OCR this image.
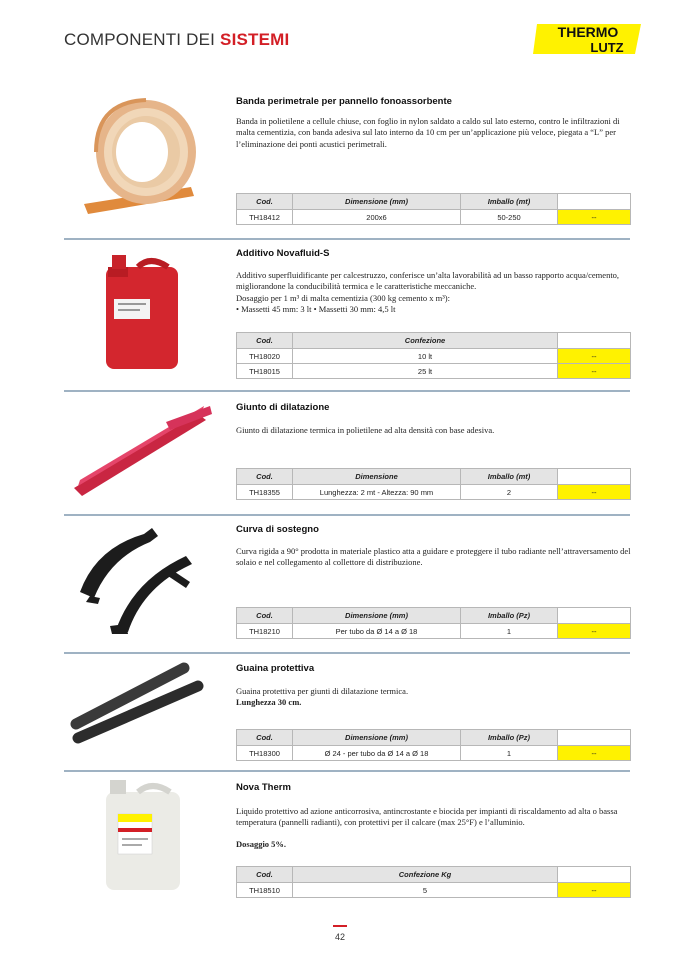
COMPONENTI DEI SISTEMI	THERMO
LUTZ
Banda perimetrale per pannello fonoassorbente

Banda in polietilene a cellule chiuse, con foglio in nylon saldato a caldo sul lato esterno, contro le infiltrazioni di malta cementizia, con banda adesiva sul lato interno da 10 cm per un’applicazione più veloce, piegata a “L” per l’eliminazione dei ponti acustici perimetrali.

Cod.	Dimensione (mm)	Imballo (mt)	
TH18412	200x6	50-250	--
Additivo Novafluid-S

Additivo superfluidificante per calcestruzzo, conferisce un’alta lavorabilità ad un basso rapporto acqua/cemento, migliorandone la conducibilità termica e le caratteristiche meccaniche.

Dosaggio per 1 m³ di malta cementizia (300 kg cemento x m³):

• Massetti 45 mm: 3 lt • Massetti 30 mm: 4,5 lt

Cod.	Confezione	
TH18020	10 lt	--
TH18015	25 lt	--
Giunto di dilatazione

Giunto di dilatazione termica in polietilene ad alta densità con base adesiva.

Cod.	Dimensione	Imballo (mt)	
TH18355	Lunghezza: 2 mt - Altezza: 90 mm	2	--
Curva di sostegno

Curva rigida a 90° prodotta in materiale plastico atta a guidare e proteggere il tubo radiante nell’attraversamento del solaio e nel collegamento al collettore di distribuzione.

Cod.	Dimensione (mm)	Imballo (Pz)	
TH18210	Per tubo da Ø 14 a Ø 18	1	--
Guaina protettiva

Guaina protettiva per giunti di dilatazione termica.

Lunghezza 30 cm.

Cod.	Dimensione (mm)	Imballo (Pz)	
TH18300	Ø 24 - per tubo da Ø 14 a Ø 18	1	--
Nova Therm

Liquido protettivo ad azione anticorrosiva, antincrostante e biocida per impianti di riscaldamento ad alta o bassa temperatura (pannelli radianti), con protettivi per il calcare (max 25°F) e l’alluminio.

Dosaggio 5%.

Cod.	Confezione Kg	
TH18510	5	--
42
